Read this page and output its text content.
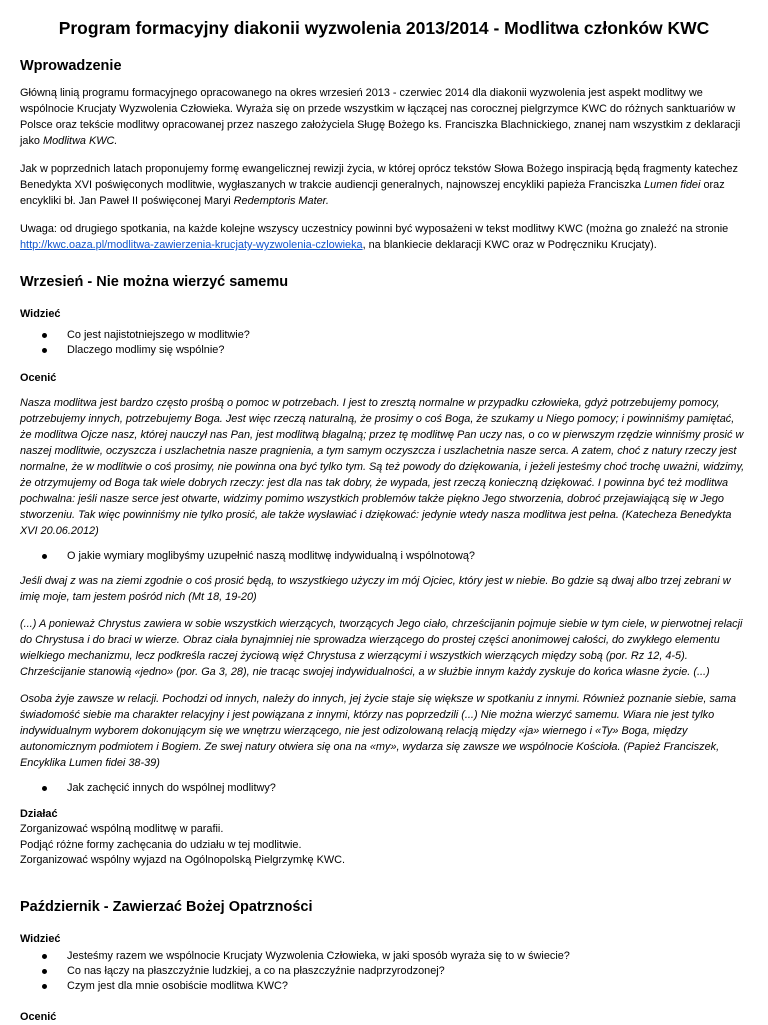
Program formacyjny diakonii wyzwolenia 2013/2014 - Modlitwa członków KWC
Wprowadzenie

Główną linią programu formacyjnego opracowanego na okres wrzesień 2013 - czerwiec 2014 dla diakonii wyzwolenia jest aspekt modlitwy we wspólnocie Krucjaty Wyzwolenia Człowieka. Wyraża się on przede wszystkim w łączącej nas corocznej pielgrzymce KWC do różnych sanktuariów w Polsce oraz tekście modlitwy opracowanej przez naszego założyciela Sługę Bożego ks. Franciszka Blachnickiego, znanej nam wszystkim z deklaracji jako Modlitwa KWC.

Jak w poprzednich latach proponujemy formę ewangelicznej rewizji życia, w której oprócz tekstów Słowa Bożego inspiracją będą fragmenty katechez Benedykta XVI poświęconych modlitwie, wygłaszanych w trakcie audiencji generalnych, najnowszej encykliki papieża Franciszka Lumen fidei oraz encykliki bł. Jan Paweł II poświęconej Maryi Redemptoris Mater.

Uwaga: od drugiego spotkania, na każde kolejne wszyscy uczestnicy powinni być wyposażeni w tekst modlitwy KWC (można go znaleźć na stronie http://kwc.oaza.pl/modlitwa-zawierzenia-krucjaty-wyzwolenia-czlowieka, na blankiecie deklaracji KWC oraz w Podręczniku Krucjaty).

Wrzesień - Nie można wierzyć samemu
Widzieć
Co jest najistotniejszego w modlitwie?
Dlaczego modlimy się wspólnie?
Ocenić

Nasza modlitwa jest bardzo często prośbą o pomoc w potrzebach. I jest to zresztą normalne w przypadku człowieka, gdyż potrzebujemy pomocy, potrzebujemy innych, potrzebujemy Boga. Jest więc rzeczą naturalną, że prosimy o coś Boga, że szukamy u Niego pomocy; i powinniśmy pamiętać, że modlitwa Ojcze nasz, której nauczył nas Pan, jest modlitwą błagalną; przez tę modlitwę Pan uczy nas, o co w pierwszym rzędzie winniśmy prosić w naszej modlitwie, oczyszcza i uszlachetnia nasze pragnienia, a tym samym oczyszcza i uszlachetnia nasze serca. A zatem, choć z natury rzeczy jest normalne, że w modlitwie o coś prosimy, nie powinna ona być tylko tym. Są też powody do dziękowania, i jeżeli jesteśmy choć trochę uważni, widzimy, że otrzymujemy od Boga tak wiele dobrych rzeczy: jest dla nas tak dobry, że wypada, jest rzeczą konieczną dziękować. I powinna być też modlitwa pochwalna: jeśli nasze serce jest otwarte, widzimy pomimo wszystkich problemów także piękno Jego stworzenia, dobroć przejawiającą się w Jego stworzeniu. Tak więc powinniśmy nie tylko prosić, ale także wysławiać i dziękować: jedynie wtedy nasza modlitwa jest pełna. (Katecheza Benedykta XVI 20.06.2012)

O jakie wymiary moglibyśmy uzupełnić naszą modlitwę indywidualną i wspólnotową?

Jeśli dwaj z was na ziemi zgodnie o coś prosić będą, to wszystkiego użyczy im mój Ojciec, który jest w niebie. Bo gdzie są dwaj albo trzej zebrani w imię moje, tam jestem pośród nich (Mt 18, 19-20)

(...) A ponieważ Chrystus zawiera w sobie wszystkich wierzących, tworzących Jego ciało, chrześcijanin pojmuje siebie w tym ciele, w pierwotnej relacji do Chrystusa i do braci w wierze. Obraz ciała bynajmniej nie sprowadza wierzącego do prostej części anonimowej całości, do zwykłego elementu wielkiego mechanizmu, lecz podkreśla raczej życiową więź Chrystusa z wierzącymi i wszystkich wierzących między sobą (por. Rz 12, 4-5). Chrześcijanie stanowią «jedno» (por. Ga 3, 28), nie tracąc swojej indywidualności, a w służbie innym każdy zyskuje do końca własne życie. (...)

Osoba żyje zawsze w relacji. Pochodzi od innych, należy do innych, jej życie staje się większe w spotkaniu z innymi. Również poznanie siebie, sama świadomość siebie ma charakter relacyjny i jest powiązana z innymi, którzy nas poprzedzili (...) Nie można wierzyć samemu. Wiara nie jest tylko indywidualnym wyborem dokonującym się we wnętrzu wierzącego, nie jest odizolowaną relacją między «ja» wiernego i «Ty» Boga, między autonomicznym podmiotem i Bogiem. Ze swej natury otwiera się ona na «my», wydarza się zawsze we wspólnocie Kościoła. (Papież Franciszek, Encyklika Lumen fidei 38-39)

Jak zachęcić innych do wspólnej modlitwy?
Działać

Zorganizować wspólną modlitwę w parafii.

Podjąć różne formy zachęcania do udziału w tej modlitwie.

Zorganizować wspólny wyjazd na Ogólnopolską Pielgrzymkę KWC.

Październik - Zawierzać Bożej Opatrzności
Widzieć
Jesteśmy razem we wspólnocie Krucjaty Wyzwolenia Człowieka, w jaki sposób wyraża się to w świecie?
Co nas łączy na płaszczyźnie ludzkiej, a co na płaszczyźnie nadprzyrodzonej?
Czym jest dla mnie osobiście modlitwa KWC?
Ocenić
